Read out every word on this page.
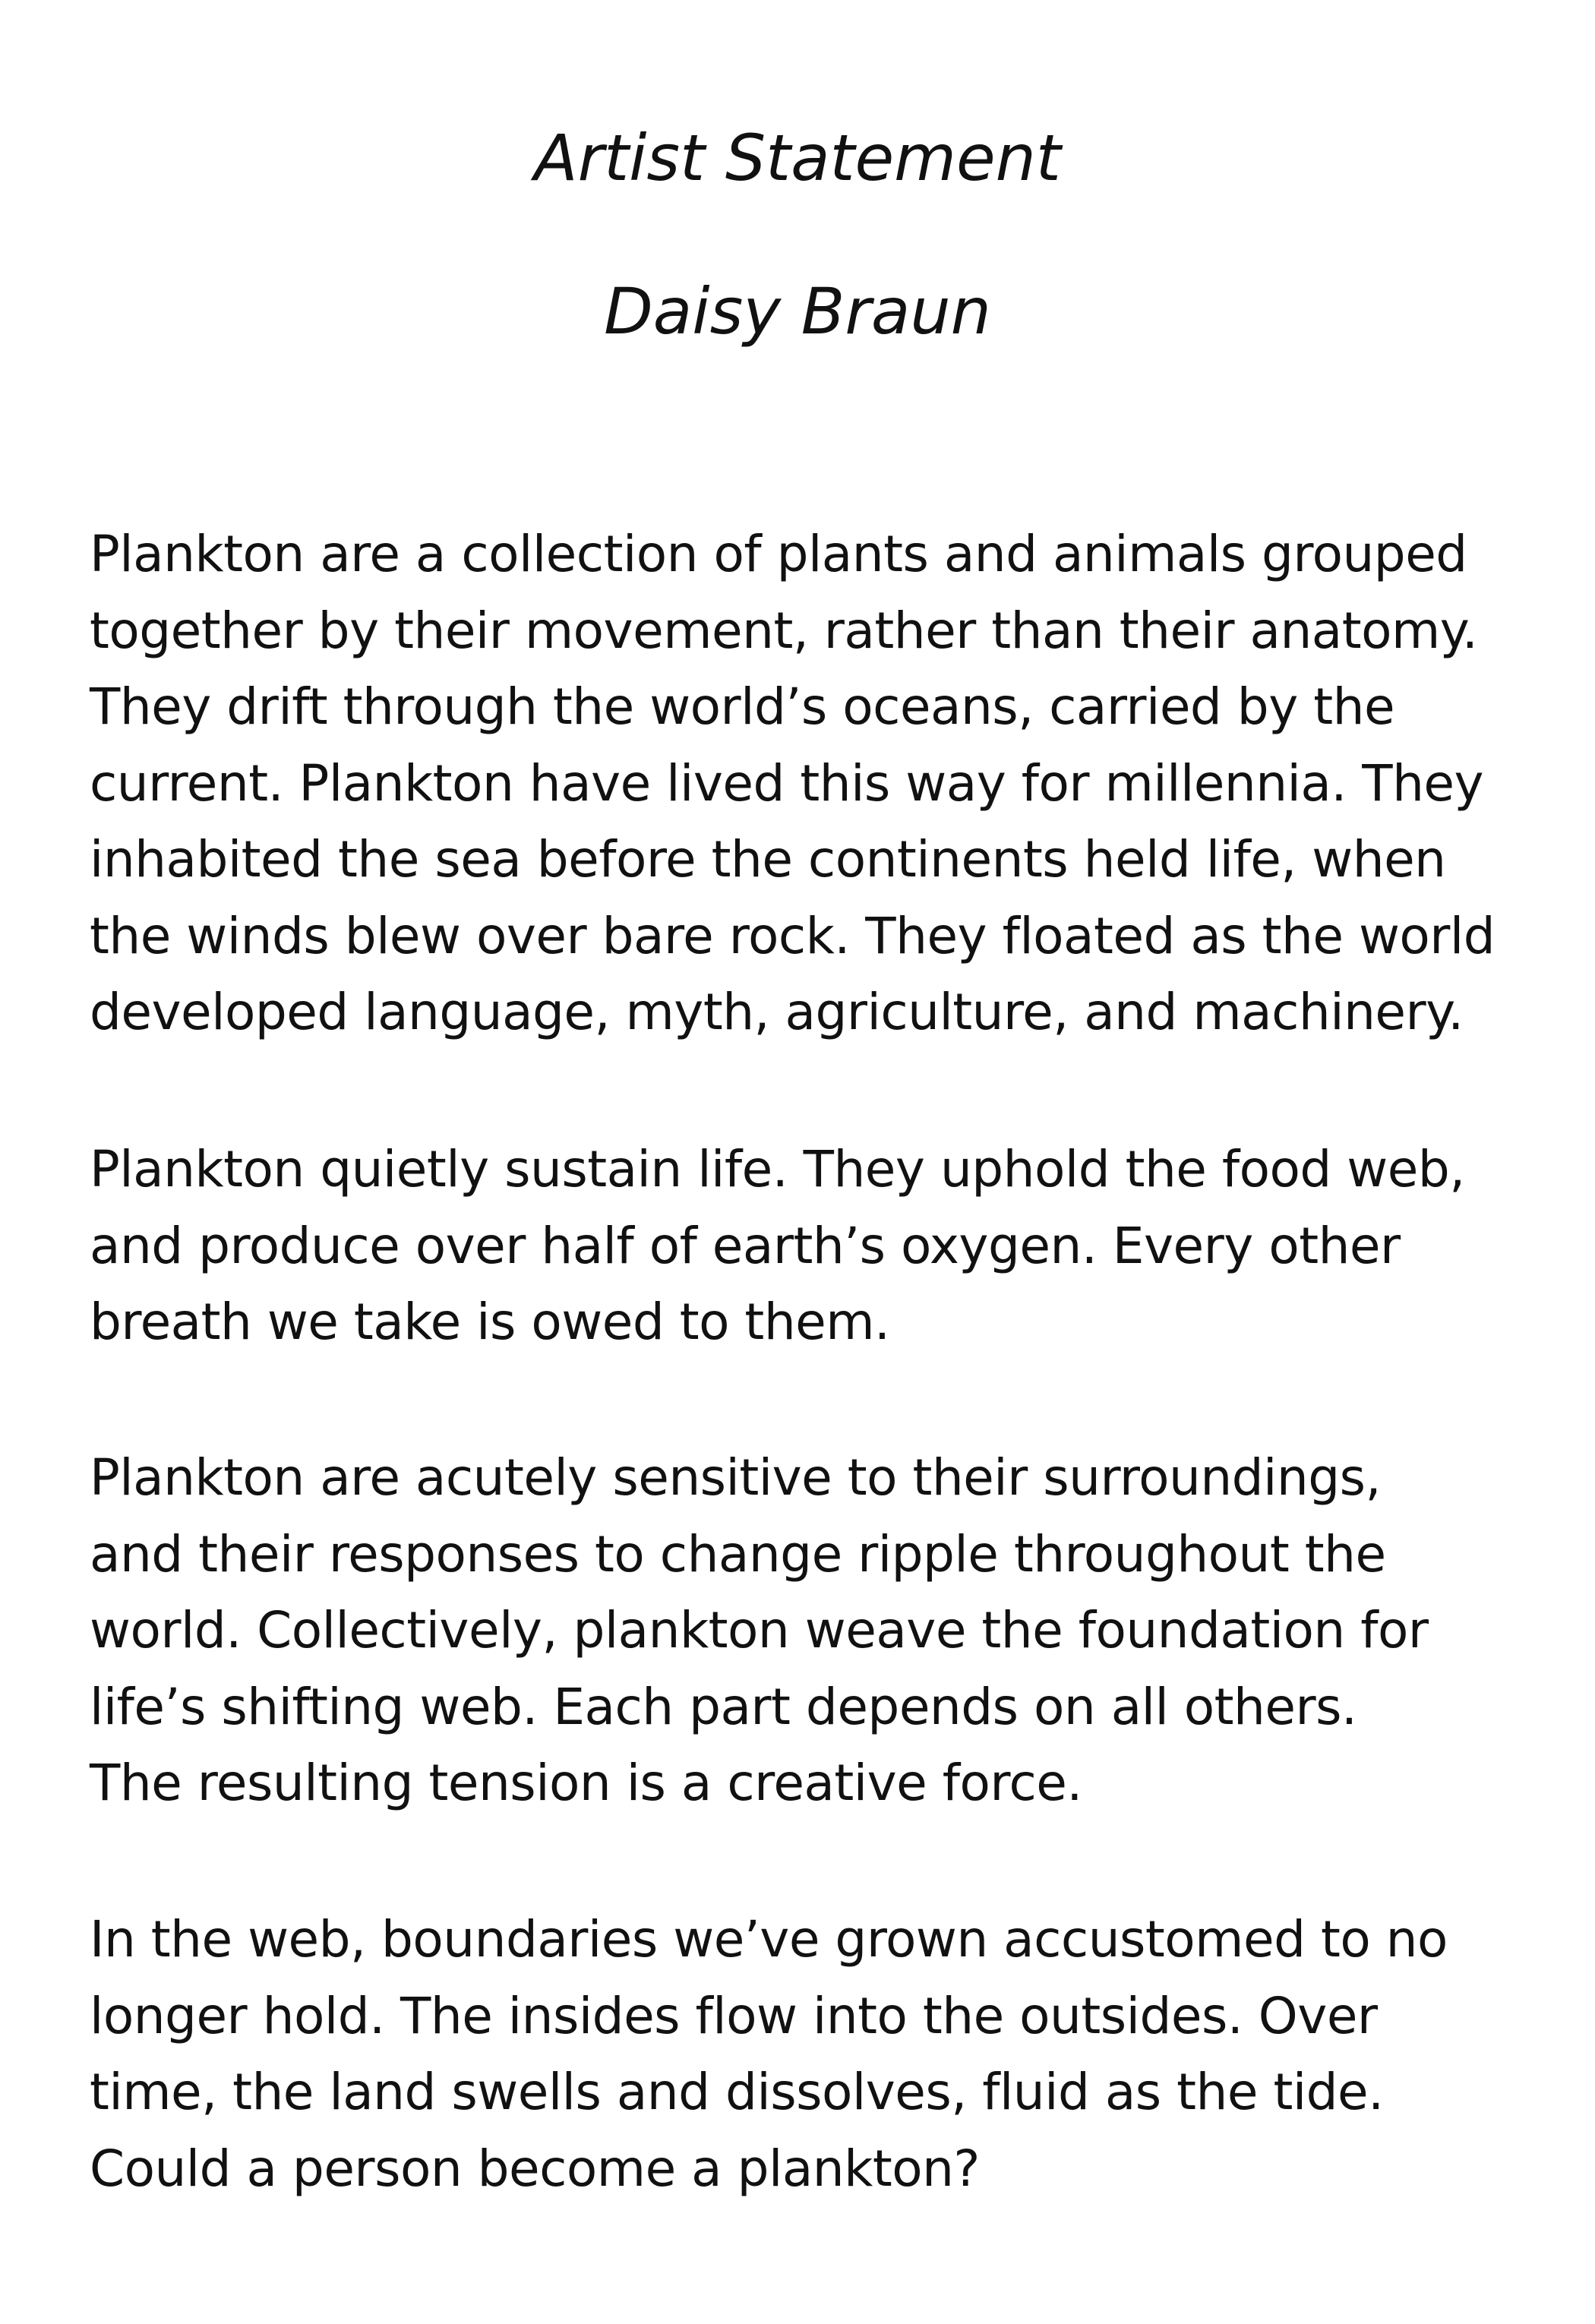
Artist Statement
Daisy Braun
Plankton are a collection of plants and animals grouped
together by their movement, rather than their anatomy.
They drift through the world’s oceans, carried by the
current. Plankton have lived this way for millennia. They
inhabited the sea before the continents held life, when
the winds blew over bare rock. They floated as the world
developed language, myth, agriculture, and machinery.
Plankton quietly sustain life. They uphold the food web,
and produce over half of earth’s oxygen. Every other
breath we take is owed to them.
Plankton are acutely sensitive to their surroundings,
and their responses to change ripple throughout the
world. Collectively, plankton weave the foundation for
life’s shifting web. Each part depends on all others.
The resulting tension is a creative force.
In the web, boundaries we’ve grown accustomed to no
longer hold. The insides flow into the outsides. Over
time, the land swells and dissolves, fluid as the tide.
Could a person become a plankton?
